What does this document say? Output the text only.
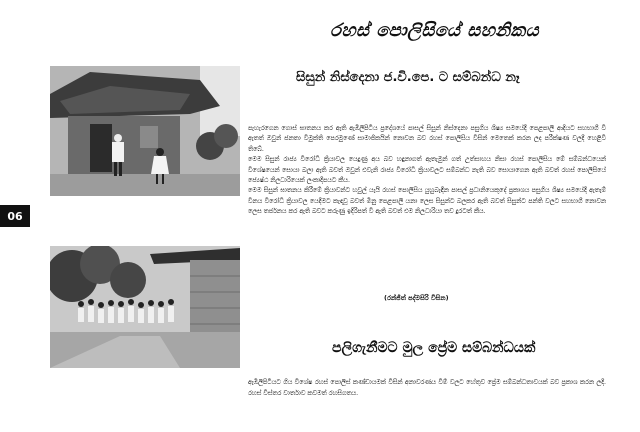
06
රහස් පොලිසියේ සහනිකය
සිසුන් නිස්දෙනා ජ.වි.පෙ. ට සම්බන්ධ නෑ

පැහැරගෙන ගොස් ඝාතනය කර ඇති ඇඹිලිපිටිය ප්‍රදේශයේ පාසල් සිසුන් නිස්දෙනා පසුගිය ශිෂ්‍ය සමයේදී පෙළපාලි ආදියට සහභාගී වී ඇතත් ඔවුන් ජනතා විමුක්ති පෙරමුණේ සාමාජිකයින් නොවන බව රහස් පොලිසිය විසින් මෙතෙක් කරන ලද පරීක්ෂණ වලදී හෙළිවී තිබේ.

මෙම සිසුන් රාජ්‍ය විරෝධී ක්‍රියාවල යෙදුණු අය බව හඳුනාගත් ඇතැමුන් ගත් උත්සාහය නිසා රහස් පොලිසිය මේ සම්බන්ධයෙන් විශේෂයෙන් සොයා බලා ඇති බවත් ඔවුන් එවැනි රාජ්‍ය විරෝධී ක්‍රියාවලට සම්බන්ධ නැති බව සොයාගෙන ඇති බවත් රහස් පොලිසියේ ජ්‍යෙෂ්ඨ නිලධාරියෙක් ලංකාදීපයට කීය.

මෙම සිසුන් ඝාතනය කිරීමේ ක්‍රියාවන්ට හවුල් යැයි රහස් පොලිසිය යුහුබැඳීන පාසල් ප්‍රධානියෙකුදේ ප්‍රකාශය පසුගිය ශිෂ්‍ය සමයේදී ඇතැම් විනය විරෝධී ක්‍රියාවල යෙදීමට කැඳවූ බවත් මිනු පෙළපාලි යනා ලෙස සිසුන්ට බලකර ඇති බවත් සිසුන්ට පන්ති වලට සහභාගී නොවන ලෙස තර්ජනය කර ඇති බවට කරුණු ඉදිරිපත් වී ඇති බවත් එම නිලධාරියා තව දුරටත් කීය.

(රන්ජිත් පද්මසිරි විසින)
පලිගැනීමට මුල ප්‍රේම සම්බන්ධයක්

ඇඹිලිපිටියට ගිය විශේෂ රහස් පොලිස් කණ්ඩායමක් විසින් අනාවරණය වීම් වලට හේතුව ප්‍රේම සම්බන්ධතාවයක් බව ප්‍රකාශ කරන ලදී. රහස් විස්තර වාර්තාව කවමත් රහසිගතය.
